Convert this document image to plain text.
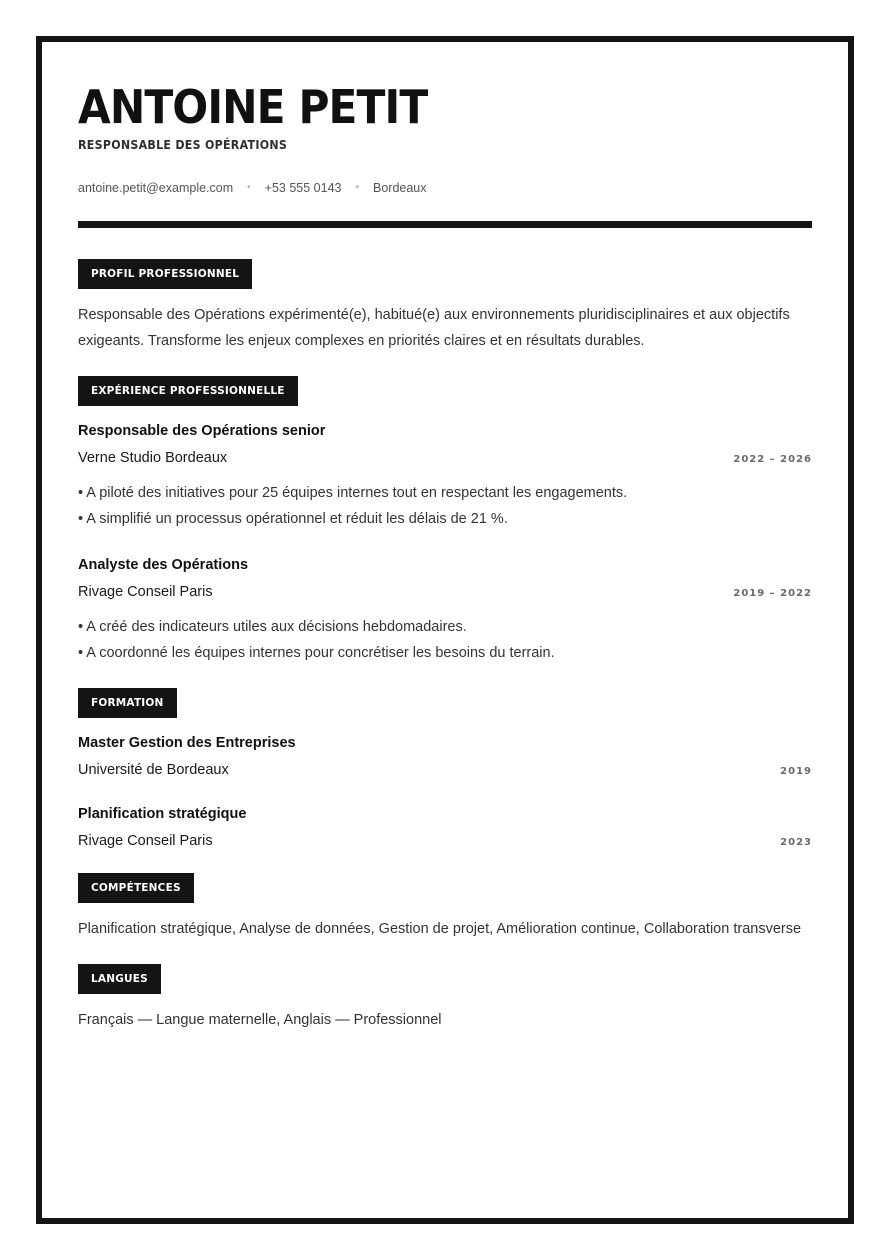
ANTOINE PETIT
RESPONSABLE DES OPÉRATIONS
antoine.petit@example.com • +53 555 0143 • Bordeaux
PROFIL PROFESSIONNEL
Responsable des Opérations expérimenté(e), habitué(e) aux environnements pluridisciplinaires et aux objectifs exigeants. Transforme les enjeux complexes en priorités claires et en résultats durables.
EXPÉRIENCE PROFESSIONNELLE
Responsable des Opérations senior
Verne Studio Bordeaux	2022 – 2026
• A piloté des initiatives pour 25 équipes internes tout en respectant les engagements.
• A simplifié un processus opérationnel et réduit les délais de 21 %.
Analyste des Opérations
Rivage Conseil Paris	2019 – 2022
• A créé des indicateurs utiles aux décisions hebdomadaires.
• A coordonné les équipes internes pour concrétiser les besoins du terrain.
FORMATION
Master Gestion des Entreprises
Université de Bordeaux	2019
Planification stratégique
Rivage Conseil Paris	2023
COMPÉTENCES
Planification stratégique, Analyse de données, Gestion de projet, Amélioration continue, Collaboration transverse
LANGUES
Français — Langue maternelle, Anglais — Professionnel
